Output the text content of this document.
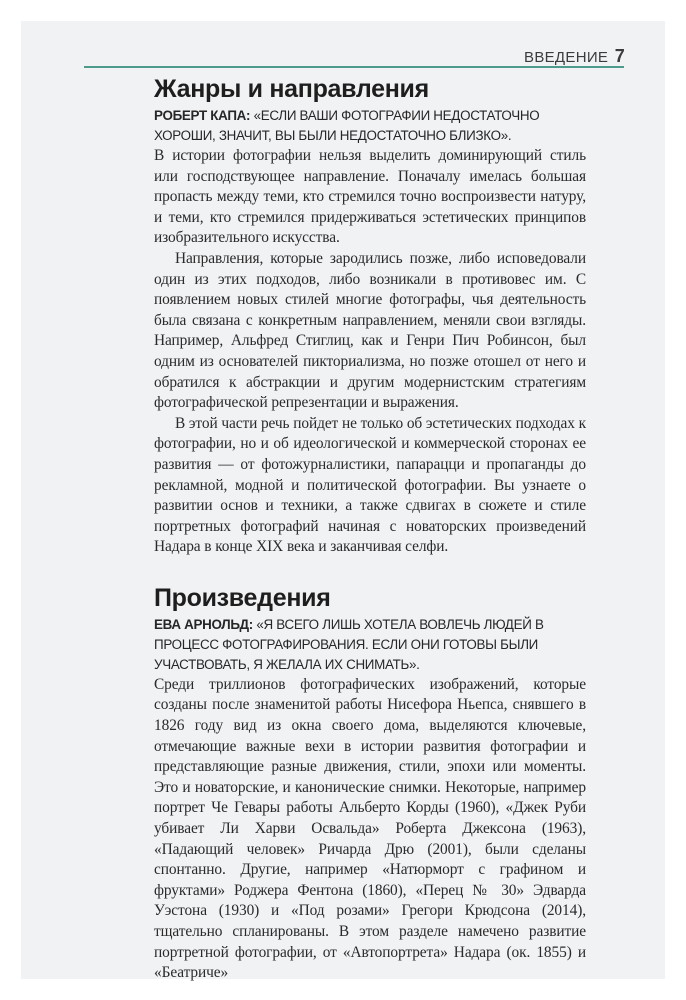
ВВЕДЕНИЕ 7
Жанры и направления

РОБЕРТ КАПА: «ЕСЛИ ВАШИ ФОТОГРАФИИ НЕДОСТАТОЧНО ХОРОШИ, ЗНАЧИТ, ВЫ БЫЛИ НЕДОСТАТОЧНО БЛИЗКО».

В истории фотографии нельзя выделить доминирующий стиль или господствующее направление. Поначалу имелась большая пропасть между теми, кто стремился точно воспроизвести натуру, и теми, кто стремился придерживаться эстетических принципов изобразительного искусства.

Направления, которые зародились позже, либо исповедовали один из этих подходов, либо возникали в противовес им. С появлением новых стилей многие фотографы, чья деятельность была связана с конкретным направлением, меняли свои взгляды. Например, Альфред Стиглиц, как и Генри Пич Робинсон, был одним из основателей пикториализма, но позже отошел от него и обратился к абстракции и другим модернистским стратегиям фотографической репрезентации и выражения.

В этой части речь пойдет не только об эстетических подходах к фотографии, но и об идеологической и коммерческой сторонах ее развития — от фотожурналистики, папарацци и пропаганды до рекламной, модной и политической фотографии. Вы узнаете о развитии основ и техники, а также сдвигах в сюжете и стиле портретных фотографий начиная с новаторских произведений Надара в конце XIX века и заканчивая селфи.

Произведения

ЕВА АРНОЛЬД: «Я ВСЕГО ЛИШЬ ХОТЕЛА ВОВЛЕЧЬ ЛЮДЕЙ В ПРОЦЕСС ФОТОГРАФИРОВАНИЯ. ЕСЛИ ОНИ ГОТОВЫ БЫЛИ УЧАСТВОВАТЬ, Я ЖЕЛАЛА ИХ СНИМАТЬ».

Среди триллионов фотографических изображений, которые созданы после знаменитой работы Нисефора Ньепса, снявшего в 1826 году вид из окна своего дома, выделяются ключевые, отмечающие важные вехи в истории развития фотографии и представляющие разные движения, стили, эпохи или моменты. Это и новаторские, и канонические снимки. Некоторые, например портрет Че Гевары работы Альберто Корды (1960), «Джек Руби убивает Ли Харви Освальда» Роберта Джексона (1963), «Падающий человек» Ричарда Дрю (2001), были сделаны спонтанно. Другие, например «Натюрморт с графином и фруктами» Роджера Фентона (1860), «Перец № 30» Эдварда Уэстона (1930) и «Под розами» Грегори Крюдсона (2014), тщательно спланированы. В этом разделе намечено развитие портретной фотографии, от «Автопортрета» Надара (ок. 1855) и «Беатриче»
